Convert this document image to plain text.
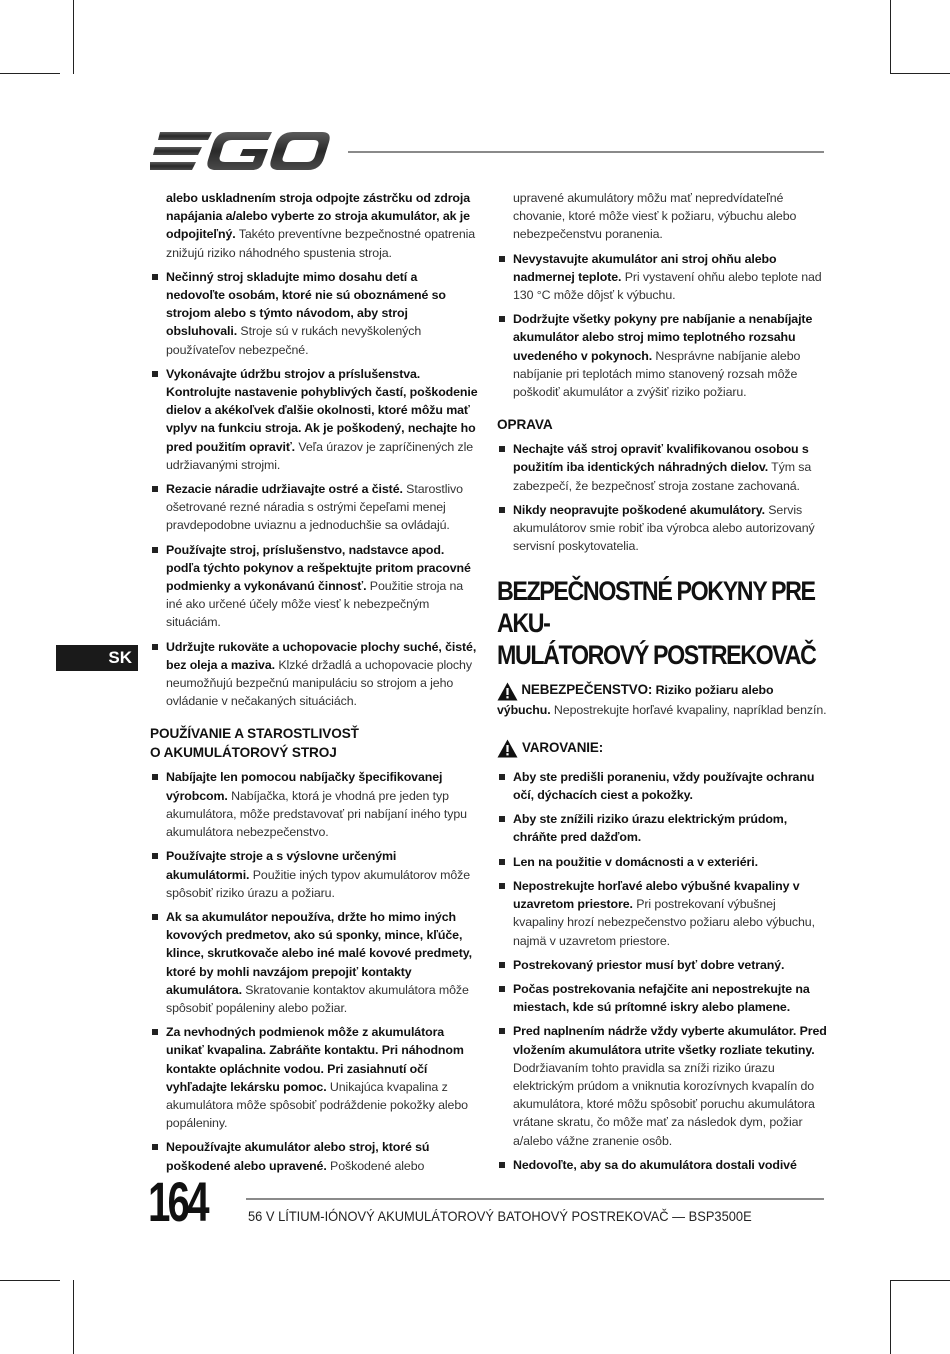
alebo uskladnením stroja odpojte zástrčku od zdroja napájania a/alebo vyberte zo stroja akumulátor, ak je odpojiteľný. Takéto preventívne bezpečnostné opatrenia znižujú riziko náhodného spustenia stroja.

Nečinný stroj skladujte mimo dosahu detí a nedovoľte osobám, ktoré nie sú oboznámené so strojom alebo s týmto návodom, aby stroj obsluhovali. Stroje sú v rukách nevyškolených používateľov nebezpečné.
Vykonávajte údržbu strojov a príslušenstva. Kontrolujte nastavenie pohyblivých častí, poškodenie dielov a akékoľvek ďalšie okolnosti, ktoré môžu mať vplyv na funkciu stroja. Ak je poškodený, nechajte ho pred použitím opraviť. Veľa úrazov je zapríčinených zle udržiavanými strojmi.
Rezacie náradie udržiavajte ostré a čisté. Starostlivo ošetrované rezné náradia s ostrými čepeľami menej pravdepodobne uviaznu a jednoduchšie sa ovládajú.
Používajte stroj, príslušenstvo, nadstavce apod. podľa týchto pokynov a rešpektujte pritom pracovné podmienky a vykonávanú činnosť. Použitie stroja na iné ako určené účely môže viesť k nebezpečným situáciám.
Udržujte rukoväte a uchopovacie plochy suché, čisté, bez oleja a maziva. Klzké držadlá a uchopovacie plochy neumožňujú bezpečnú manipuláciu so strojom a jeho ovládanie v nečakaných situáciách.
POUŽÍVANIE A STAROSTLIVOSŤ
O AKUMULÁTOROVÝ STROJ
Nabíjajte len pomocou nabíjačky špecifikovanej výrobcom. Nabíjačka, ktorá je vhodná pre jeden typ akumulátora, môže predstavovať pri nabíjaní iného typu akumulátora nebezpečenstvo.
Používajte stroje a s výslovne určenými akumulátormi. Použitie iných typov akumulátorov môže spôsobiť riziko úrazu a požiaru.
Ak sa akumulátor nepoužíva, držte ho mimo iných kovových predmetov, ako sú sponky, mince, kľúče, klince, skrutkovače alebo iné malé kovové predmety, ktoré by mohli navzájom prepojiť kontakty akumulátora. Skratovanie kontaktov akumulátora môže spôsobiť popáleniny alebo požiar.
Za nevhodných podmienok môže z akumulátora unikať kvapalina. Zabráňte kontaktu. Pri náhodnom kontakte opláchnite vodou. Pri zasiahnutí očí vyhľadajte lekársku pomoc. Unikajúca kvapalina z akumulátora môže spôsobiť podráždenie pokožky alebo popáleniny.
Nepoužívajte akumulátor alebo stroj, ktoré sú poškodené alebo upravené. Poškodené alebo

upravené akumulátory môžu mať nepredvídateľné chovanie, ktoré môže viesť k požiaru, výbuchu alebo nebezpečenstvu poranenia.

Nevystavujte akumulátor ani stroj ohňu alebo nadmernej teplote. Pri vystavení ohňu alebo teplote nad 130 °C môže dôjsť k výbuchu.
Dodržujte všetky pokyny pre nabíjanie a nenabíjajte akumulátor alebo stroj mimo teplotného rozsahu uvedeného v pokynoch. Nesprávne nabíjanie alebo nabíjanie pri teplotách mimo stanovený rozsah môže poškodiť akumulátor a zvýšiť riziko požiaru.
OPRAVA
Nechajte váš stroj opraviť kvalifikovanou osobou s použitím iba identických náhradných dielov. Tým sa zabezpečí, že bezpečnosť stroja zostane zachovaná.
Nikdy neopravujte poškodené akumulátory. Servis akumulátorov smie robiť iba výrobca alebo autorizovaný servisní poskytovatelia.
BEZPEČNOSTNÉ POKYNY PRE AKU-
MULÁTOROVÝ POSTREKOVAČ
NEBEZPEČENSTVO: Riziko požiaru alebo výbuchu. Nepostrekujte horľavé kvapaliny, napríklad benzín.
VAROVANIE:
Aby ste predišli poraneniu, vždy používajte ochranu očí, dýchacích ciest a pokožky.
Aby ste znížili riziko úrazu elektrickým prúdom, chráňte pred dažďom.
Len na použitie v domácnosti a v exteriéri.
Nepostrekujte horľavé alebo výbušné kvapaliny v uzavretom priestore. Pri postrekovaní výbušnej kvapaliny hrozí nebezpečenstvo požiaru alebo výbuchu, najmä v uzavretom priestore.
Postrekovaný priestor musí byť dobre vetraný.
Počas postrekovania nefajčite ani nepostrekujte na miestach, kde sú prítomné iskry alebo plamene.
Pred naplnením nádrže vždy vyberte akumulátor. Pred vložením akumulátora utrite všetky rozliate tekutiny. Dodržiavaním tohto pravidla sa zníži riziko úrazu elektrickým prúdom a vniknutia korozívnych kvapalín do akumulátora, ktoré môžu spôsobiť poruchu akumulátora vrátane skratu, čo môže mať za následok dym, požiar a/alebo vážne zranenie osôb.
Nedovoľte, aby sa do akumulátora dostali vodivé
SK
164	56 V LÍTIUM-IÓNOVÝ AKUMULÁTOROVÝ BATOHOVÝ POSTREKOVAČ — BSP3500E
